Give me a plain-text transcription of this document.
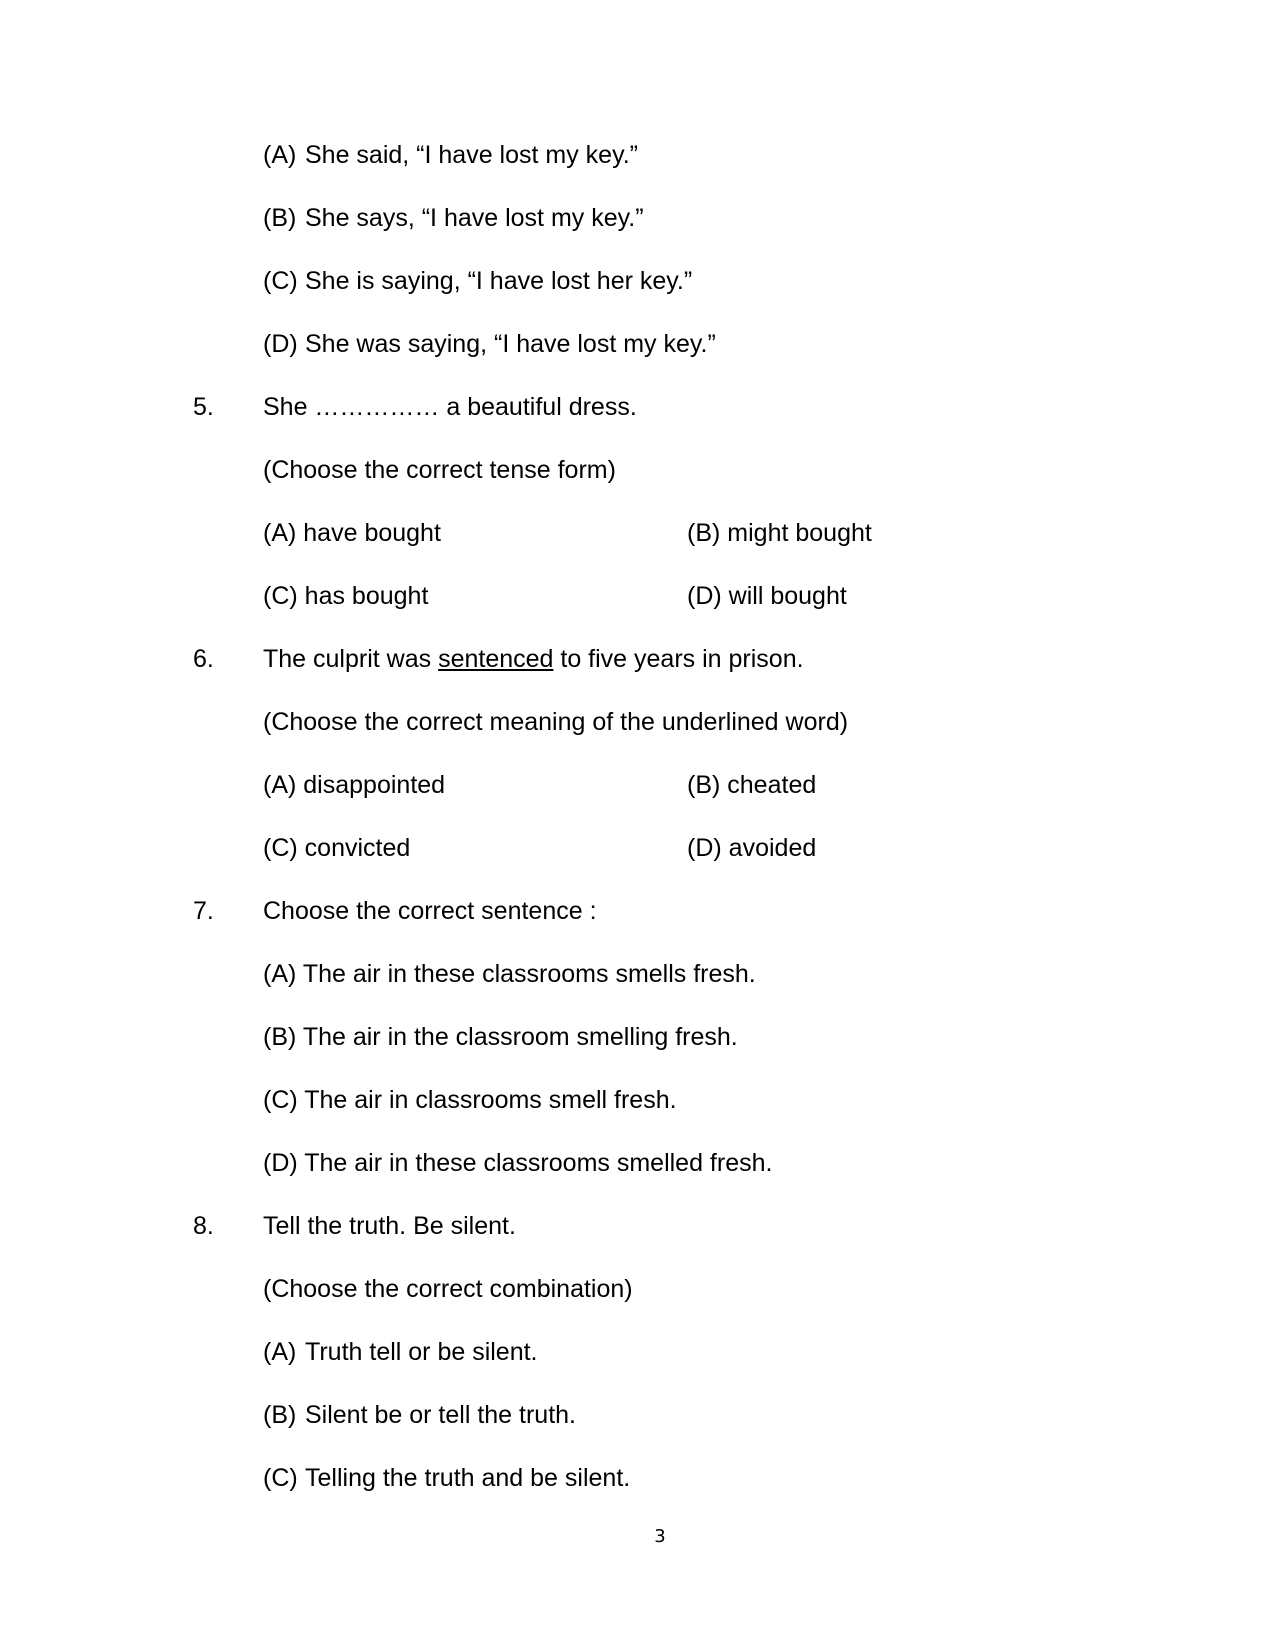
(A) She said, “I have lost my key.”
(B) She says, “I have lost my key.”
(C) She is saying, “I have lost her key.”
(D) She was saying, “I have lost my key.”
5. She …………… a beautiful dress.
(Choose the correct tense form)
(A) have bought	(B) might bought
(C) has bought	(D) will bought
6. The culprit was sentenced to five years in prison.
(Choose the correct meaning of the underlined word)
(A) disappointed	(B) cheated
(C) convicted	(D) avoided
7. Choose the correct sentence :
(A) The air in these classrooms smells fresh.
(B) The air in the classroom smelling fresh.
(C) The air in classrooms smell fresh.
(D) The air in these classrooms smelled fresh.
8. Tell the truth. Be silent.
(Choose the correct combination)
(A) Truth tell or be silent.
(B) Silent be or tell the truth.
(C) Telling the truth and be silent.
3
